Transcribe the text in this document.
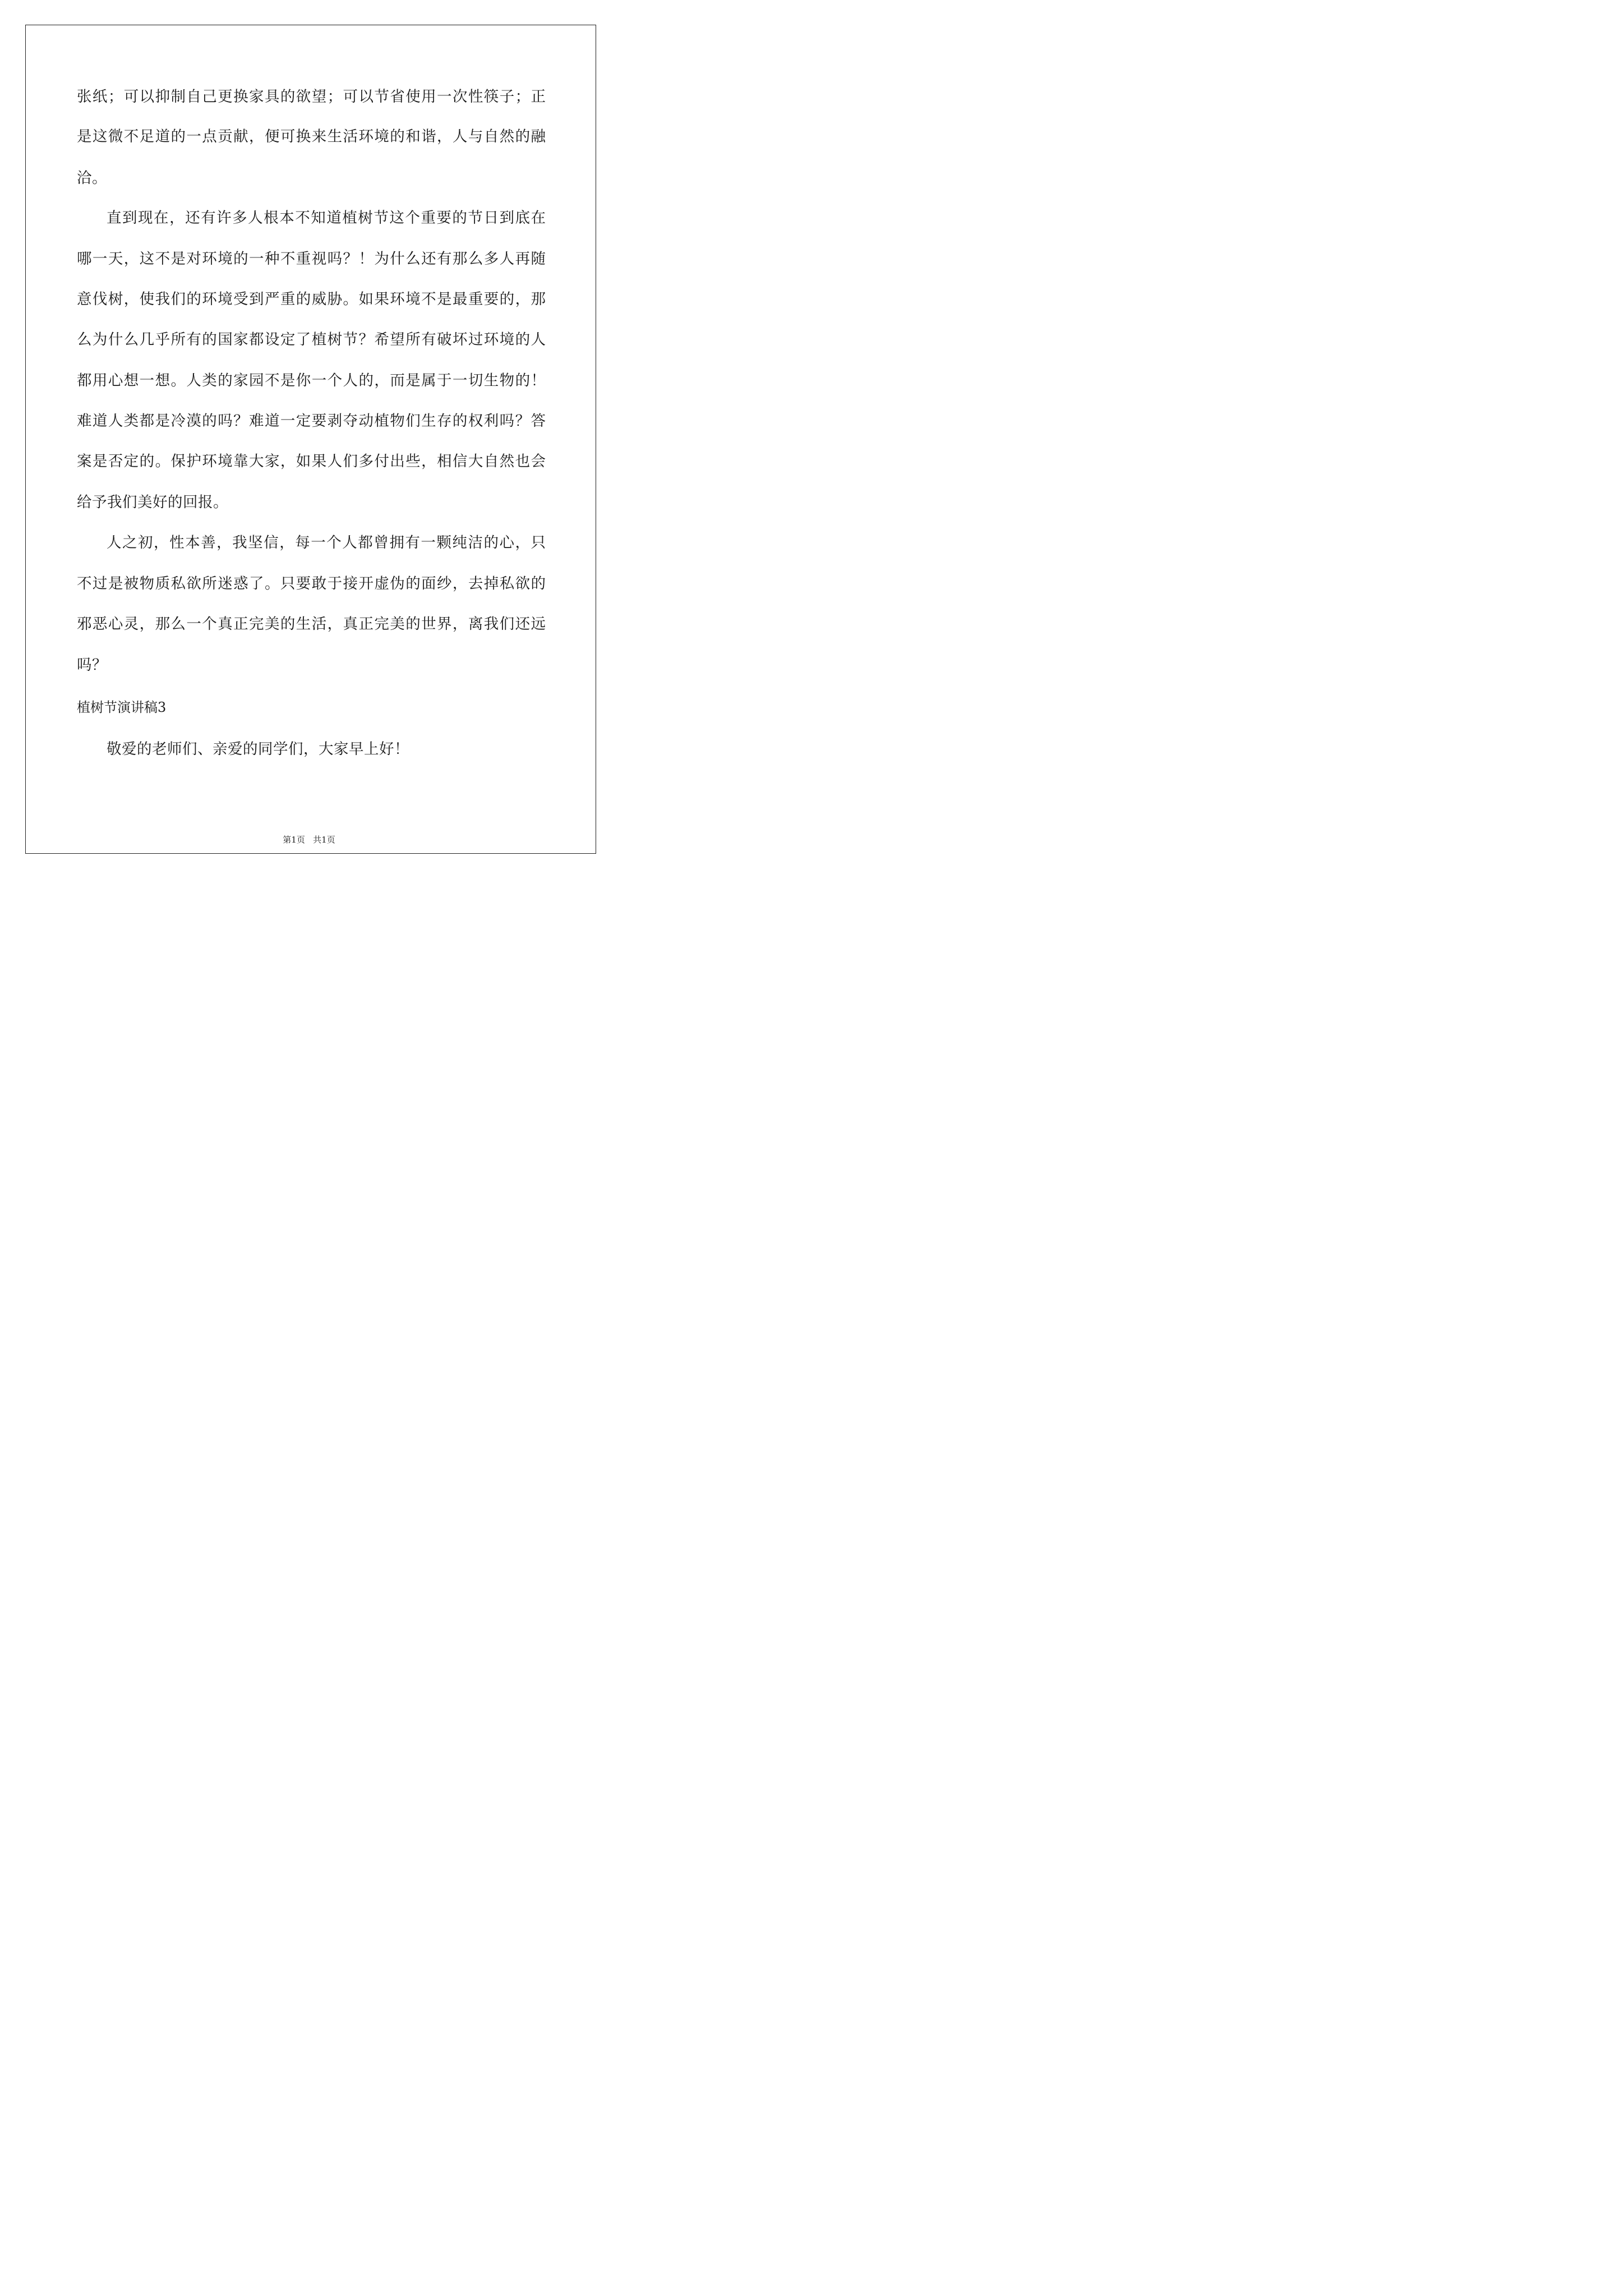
张纸；可以抑制自己更换家具的欲望；可以节省使用一次性筷子；正

是这微不足道的一点贡献，便可换来生活环境的和谐，人与自然的融

洽。

直到现在，还有许多人根本不知道植树节这个重要的节日到底在

哪一天，这不是对环境的一种不重视吗？！为什么还有那么多人再随

意伐树，使我们的环境受到严重的威胁。如果环境不是最重要的，那

么为什么几乎所有的国家都设定了植树节？希望所有破坏过环境的人

都用心想一想。人类的家园不是你一个人的，而是属于一切生物的！

难道人类都是冷漠的吗？难道一定要剥夺动植物们生存的权利吗？答

案是否定的。保护环境靠大家，如果人们多付出些，相信大自然也会

给予我们美好的回报。

人之初，性本善，我坚信，每一个人都曾拥有一颗纯洁的心，只

不过是被物质私欲所迷惑了。只要敢于接开虚伪的面纱，去掉私欲的

邪恶心灵，那么一个真正完美的生活，真正完美的世界，离我们还远

吗？

植树节演讲稿3

敬爱的老师们、亲爱的同学们，大家早上好！

第1页   共1页
